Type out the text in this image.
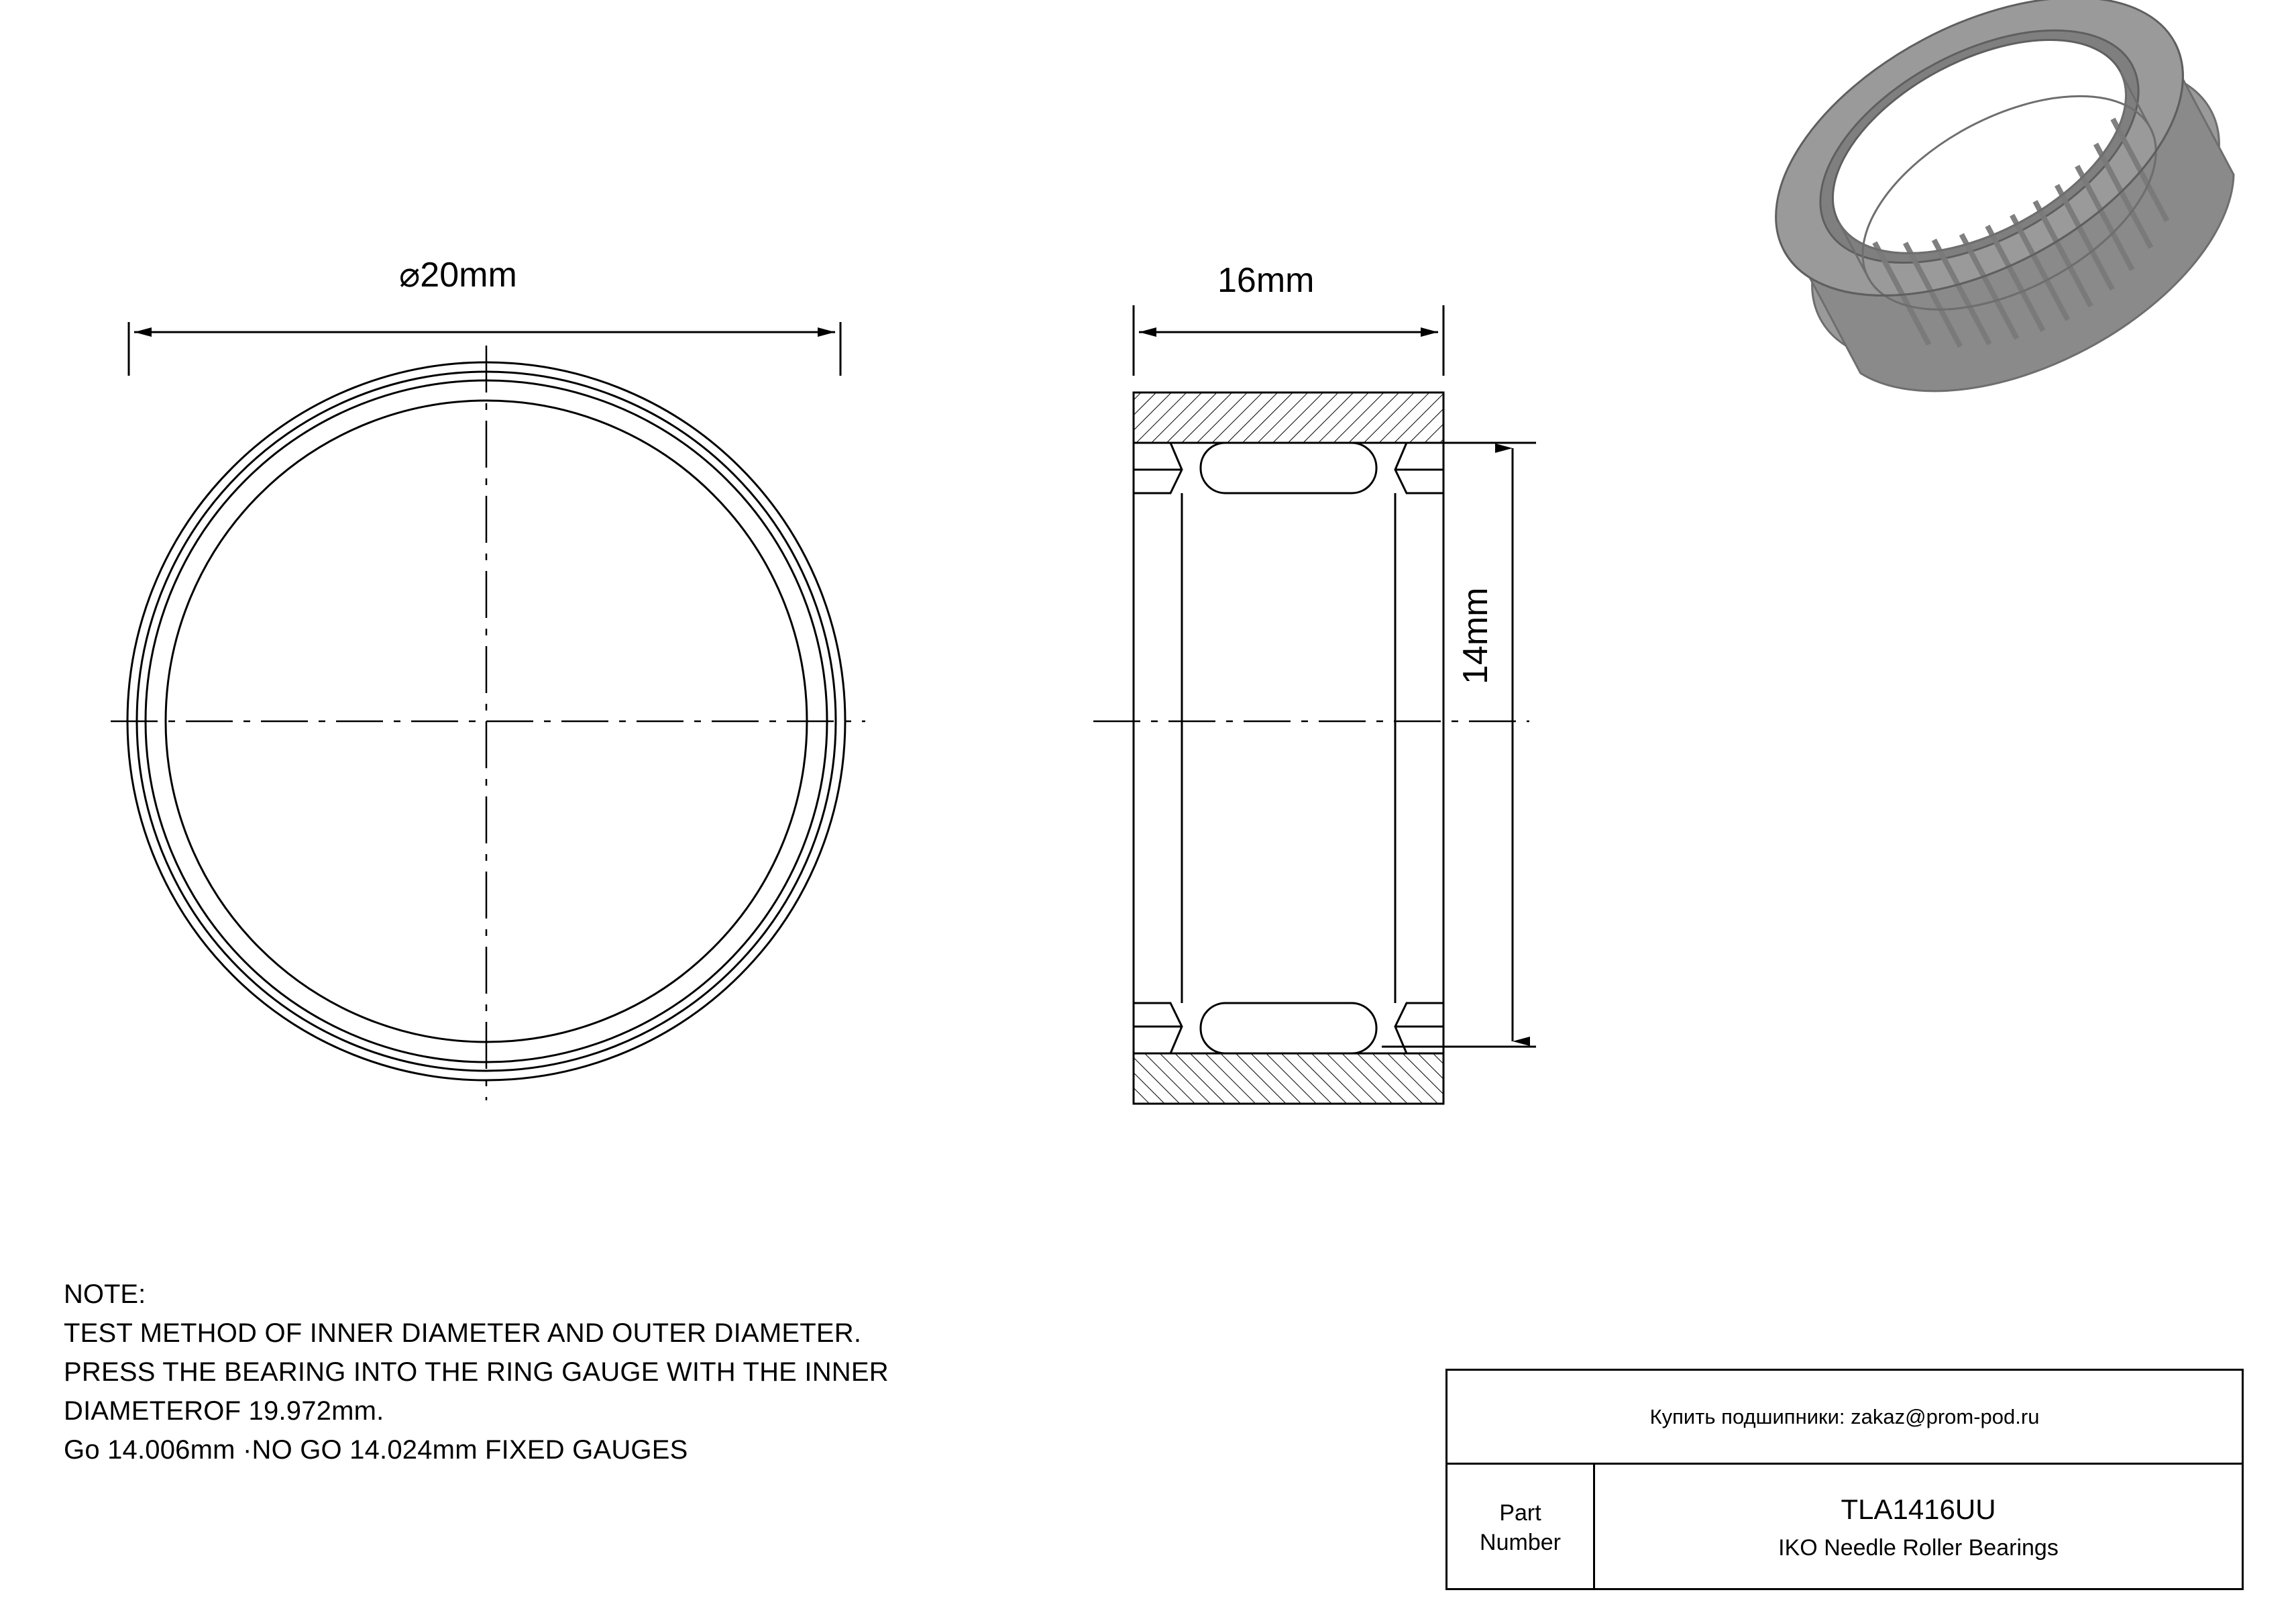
⌀20mm	16mm
14mm
NOTE:
TEST METHOD OF INNER DIAMETER AND OUTER DIAMETER.
PRESS THE BEARING INTO THE RING GAUGE WITH THE INNER
DIAMETEROF 19.972mm.
Go 14.006mm ·NO GO 14.024mm FIXED GAUGES
Купить подшипники: zakaz@prom-pod.ru
Part
Number
TLA1416UU
IKO Needle Roller Bearings
